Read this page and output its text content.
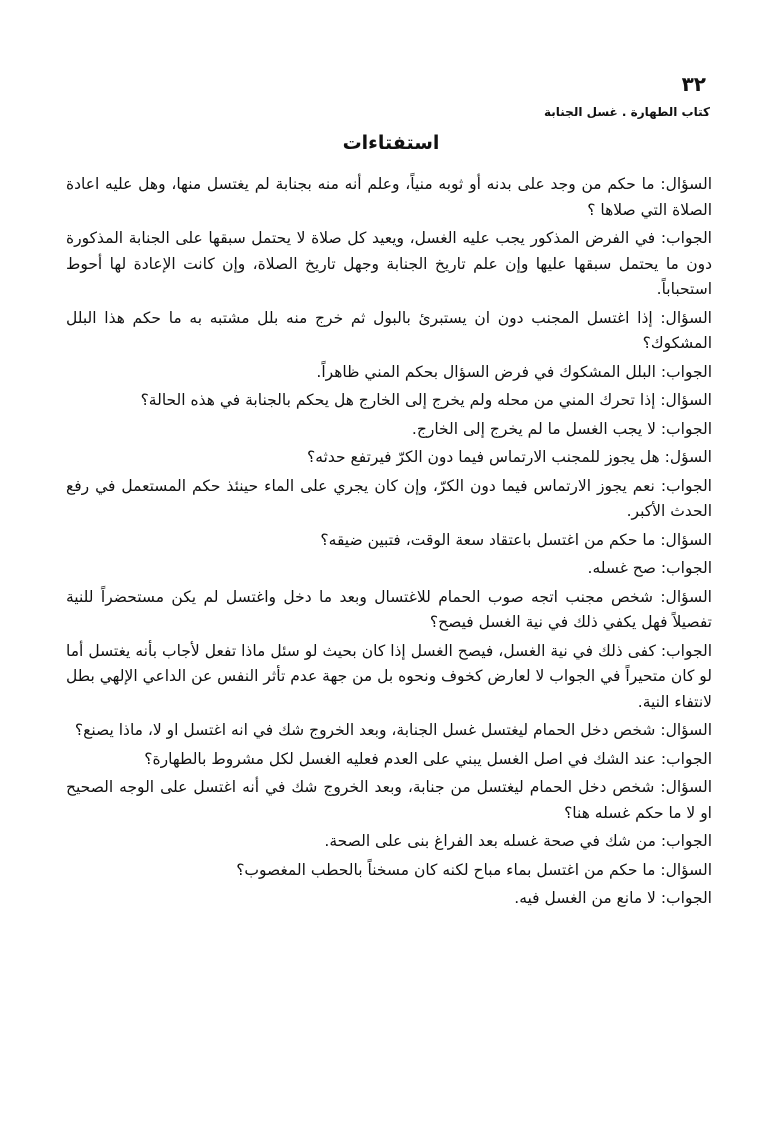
٣٢
كتاب الطهارة . غسل الجنابة
استفتاءات
السؤال: ما حكم من وجد على بدنه أو ثوبه منياً، وعلم أنه منه بجنابة لم يغتسل منها، وهل عليه اعادة الصلاة التي صلاها ؟
الجواب: في الفرض المذكور يجب عليه الغسل، ويعيد كل صلاة لا يحتمل سبقها على الجنابة المذكورة دون ما يحتمل سبقها عليها وإن علم تاريخ الجنابة وجهل تاريخ الصلاة، وإن كانت الإعادة لها أحوط استحباباً.
السؤال: إذا اغتسل المجنب دون ان يستبرئ بالبول ثم خرج منه بلل مشتبه به ما حكم هذا البلل المشكوك؟
الجواب: البلل المشكوك في فرض السؤال بحكم المني ظاهراً.
السؤال: إذا تحرك المني من محله ولم يخرج إلى الخارج هل يحكم بالجنابة في هذه الحالة؟
الجواب: لا يجب الغسل ما لم يخرج إلى الخارج.
السؤل: هل يجوز للمجنب الارتماس فيما دون الكرّ فيرتفع حدثه؟
الجواب: نعم يجوز الارتماس فيما دون الكرّ، وإن كان يجري على الماء حينئذ حكم المستعمل في رفع الحدث الأكبر.
السؤال: ما حكم من اغتسل باعتقاد سعة الوقت، فتبين ضيقه؟
الجواب: صح غسله.
السؤال: شخص مجنب اتجه صوب الحمام للاغتسال وبعد ما دخل واغتسل لم يكن مستحضراً للنية تفصيلاً فهل يكفي ذلك في نية الغسل فيصح؟
الجواب: كفى ذلك في نية الغسل، فيصح الغسل إذا كان بحيث لو سئل ماذا تفعل لأجاب بأنه يغتسل أما لو كان متحيراً في الجواب لا لعارض كخوف ونحوه بل من جهة عدم تأثر النفس عن الداعي الإلهي بطل لانتفاء النية.
السؤال: شخص دخل الحمام ليغتسل غسل الجنابة، وبعد الخروج شك في انه اغتسل او لا، ماذا يصنع؟
الجواب: عند الشك في اصل الغسل يبني على العدم فعليه الغسل لكل مشروط بالطهارة؟
السؤال: شخص دخل الحمام ليغتسل من جنابة، وبعد الخروج شك في أنه اغتسل على الوجه الصحيح او لا ما حكم غسله هنا؟
الجواب: من شك في صحة غسله بعد الفراغ بنى على الصحة.
السؤال: ما حكم من اغتسل بماء مباح لكنه كان مسخناً بالحطب المغصوب؟
الجواب: لا مانع من الغسل فيه.
